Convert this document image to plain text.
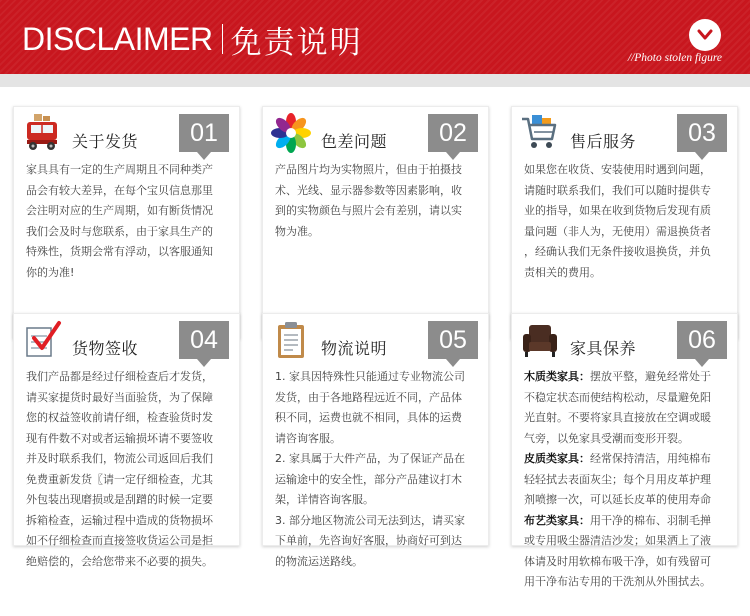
DISCLAIMER 免责说明	//Photo stolen figure
关于发货	01

家具具有一定的生产周期且不同种类产

品会有较大差异，在每个宝贝信息那里

会注明对应的生产周期，如有断货情况

我们会及时与您联系，由于家具生产的

特殊性，货期会常有浮动，以客服通知

你的为准!

色差问题	02

产品图片均为实物照片，但由于拍摄技

术、光线、显示器参数等因素影响，收

到的实物颜色与照片会有差别，请以实

物为准。

售后服务	03

如果您在收货、安装使用时遇到问题，

请随时联系我们，我们可以随时提供专

业的指导，如果在收到货物后发现有质

量问题（非人为，无使用）需退换货者

，经确认我们无条件接收退换货，并负

责相关的费用。

货物签收	04

我们产品都是经过仔细检查后才发货，

请买家提货时最好当面验货，为了保障

您的权益签收前请仔细，检查验货时发

现有件数不对或者运输损坏请不要签收

并及时联系我们，物流公司返回后我们

免费重新发货〖请一定仔细检查，尤其

外包装出现磨损或是刮蹭的时候一定要

拆箱检查，运输过程中造成的货物损坏

如不仔细检查而直接签收货运公司是拒

绝赔偿的，会给您带来不必要的损失。

物流说明	05

1. 家具因特殊性只能通过专业物流公司

发货，由于各地路程远近不同，产品体

积不同，运费也就不相同，具体的运费

请咨询客服。

2. 家具属于大件产品，为了保证产品在

运输途中的安全性，部分产品建议打木

架，详情咨询客服。

3. 部分地区物流公司无法到达，请买家

下单前，先咨询好客服，协商好可到达

的物流运送路线。

家具保养	06

木质类家具：摆放平整，避免经常处于

不稳定状态而使结构松动，尽量避免阳

光直射。不要将家具直接放在空调或暖

气旁，以免家具受潮而变形开裂。

皮质类家具：经常保持清洁，用纯棉布

轻轻拭去表面灰尘；每个月用皮革护理

剂喷擦一次，可以延长皮革的使用寿命

布艺类家具：用干净的棉布、羽制毛掸

或专用吸尘器清洁沙发；如果洒上了液

体请及时用软棉布吸干净，如有残留可

用干净布沾专用的干洗剂从外围拭去。
